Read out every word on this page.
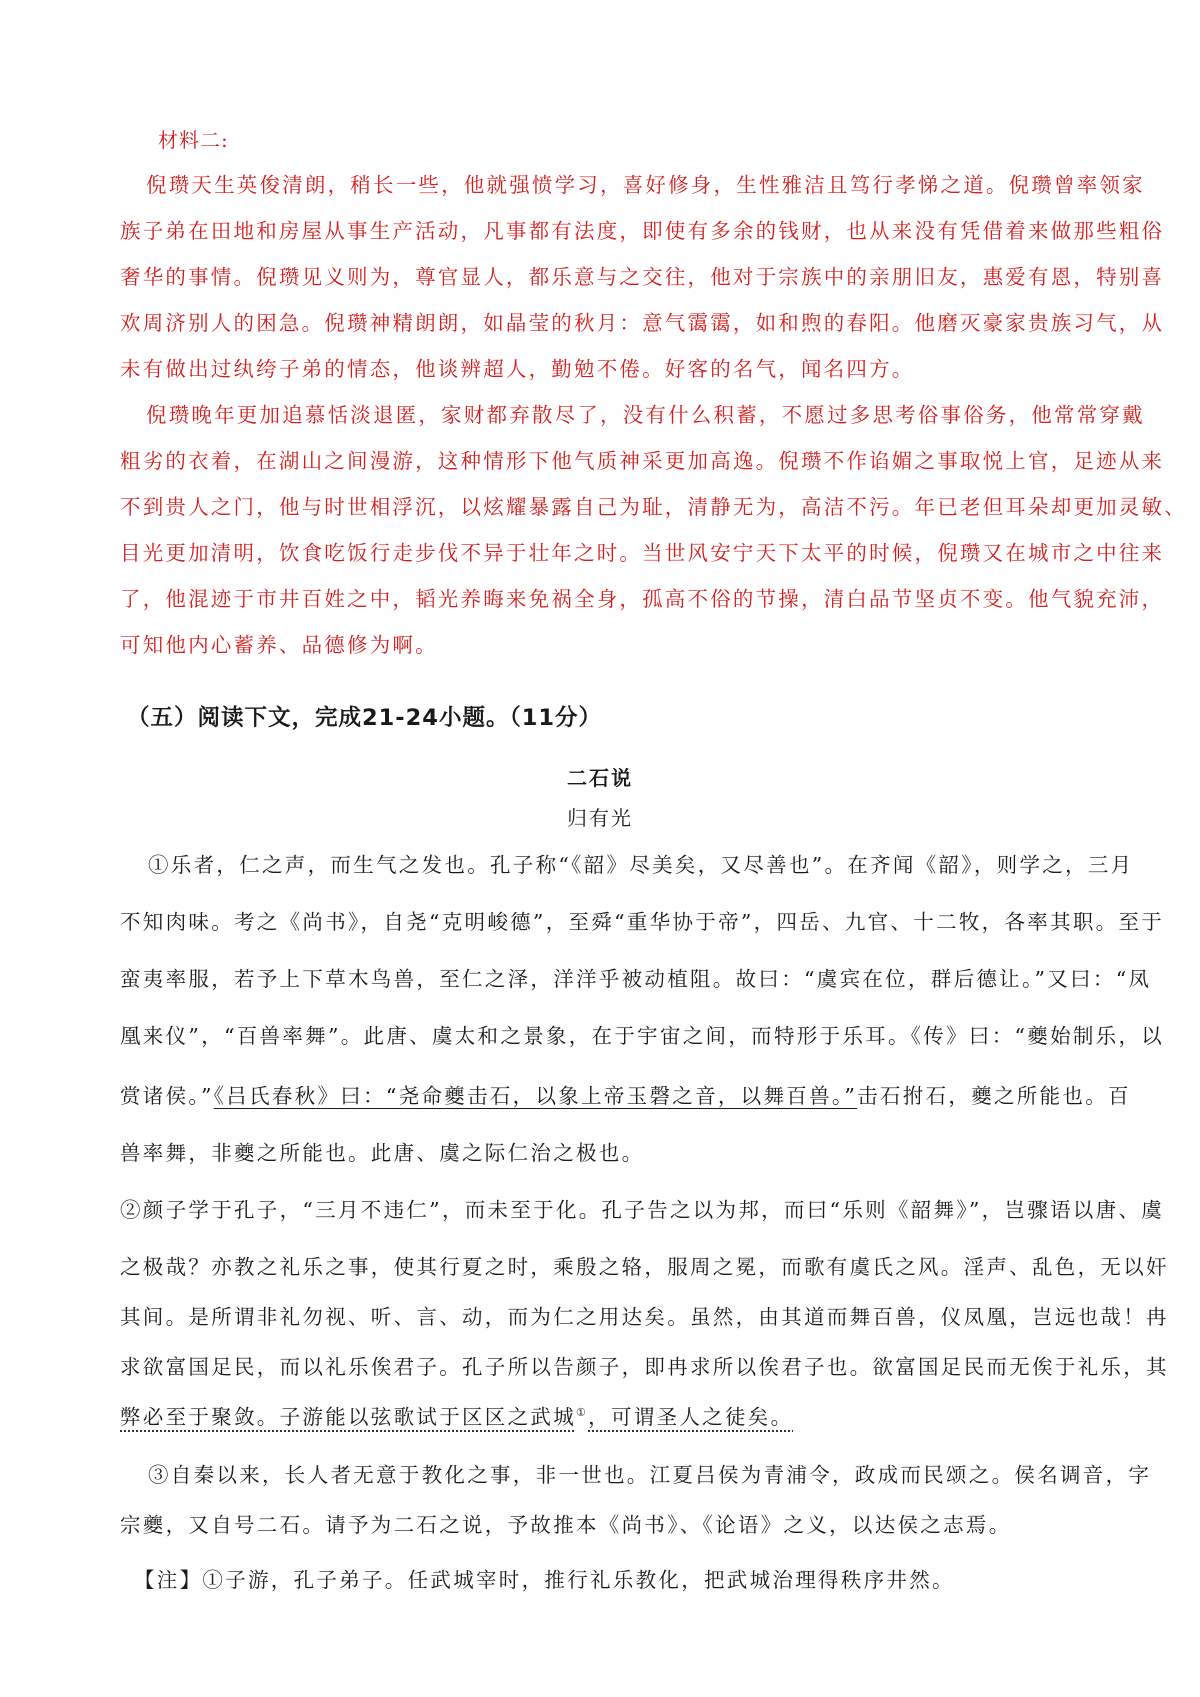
材料二:
倪瓒天生英俊清朗，稍长一些，他就强愤学习，喜好修身，生性雅洁且笃行孝悌之道。倪瓒曾率领家
族子弟在田地和房屋从事生产活动，凡事都有法度，即使有多余的钱财，也从来没有凭借着来做那些粗俗
奢华的事情。倪瓒见义则为，尊官显人，都乐意与之交往，他对于宗族中的亲朋旧友，惠爱有恩，特别喜
欢周济别人的困急。倪瓒神精朗朗，如晶莹的秋月：意气霭霭，如和煦的春阳。他磨灭豪家贵族习气，从
未有做出过纨绔子弟的情态，他谈辨超人，勤勉不倦。好客的名气，闻名四方。
倪瓒晚年更加追慕恬淡退匿，家财都弃散尽了，没有什么积蓄，不愿过多思考俗事俗务，他常常穿戴
粗劣的衣着，在湖山之间漫游，这种情形下他气质神采更加高逸。倪瓒不作谄媚之事取悦上官，足迹从来
不到贵人之门，他与时世相浮沉，以炫耀暴露自己为耻，清静无为，高洁不污。年已老但耳朵却更加灵敏、
目光更加清明，饮食吃饭行走步伐不异于壮年之时。当世风安宁天下太平的时候，倪瓒又在城市之中往来
了，他混迹于市井百姓之中，韬光养晦来免祸全身，孤高不俗的节操，清白品节坚贞不变。他气貌充沛，
可知他内心蓄养、品德修为啊。
（五）阅读下文，完成21-24小题。（11分）
二石说
归有光
①乐者，仁之声，而生气之发也。孔子称“《韶》尽美矣，又尽善也”。在齐闻《韶》，则学之，三月
不知肉味。考之《尚书》，自尧“克明峻德”，至舜“重华协于帝”，四岳、九官、十二牧，各率其职。至于
蛮夷率服，若予上下草木鸟兽，至仁之泽，洋洋乎被动植阻。故曰：“虞宾在位，群后德让。”又曰：“凤
凰来仪”，“百兽率舞”。此唐、虞太和之景象，在于宇宙之间，而特形于乐耳。《传》曰：“夔始制乐，以
赏诸侯。”《吕氏春秋》曰：“尧命夔击石，以象上帝玉磬之音，以舞百兽。”击石拊石，夔之所能也。百
兽率舞，非夔之所能也。此唐、虞之际仁治之极也。
②颜子学于孔子，“三月不违仁”，而未至于化。孔子告之以为邦，而曰“乐则《韶舞》”，岂骤语以唐、虞
之极哉？亦教之礼乐之事，使其行夏之时，乘殷之辂，服周之冕，而歌有虞氏之风。淫声、乱色，无以奸
其间。是所谓非礼勿视、听、言、动，而为仁之用达矣。虽然，由其道而舞百兽，仪凤凰，岂远也哉！冉
求欲富国足民，而以礼乐俟君子。孔子所以告颜子，即冉求所以俟君子也。欲富国足民而无俟于礼乐，其
弊必至于聚敛。子游能以弦歌试于区区之武城①，可谓圣人之徒矣。
③自秦以来，长人者无意于教化之事，非一世也。江夏吕侯为青浦令，政成而民颂之。侯名调音，字
宗夔，又自号二石。请予为二石之说，予故推本《尚书》、《论语》之义，以达侯之志焉。
【注】①子游，孔子弟子。任武城宰时，推行礼乐教化，把武城治理得秩序井然。
